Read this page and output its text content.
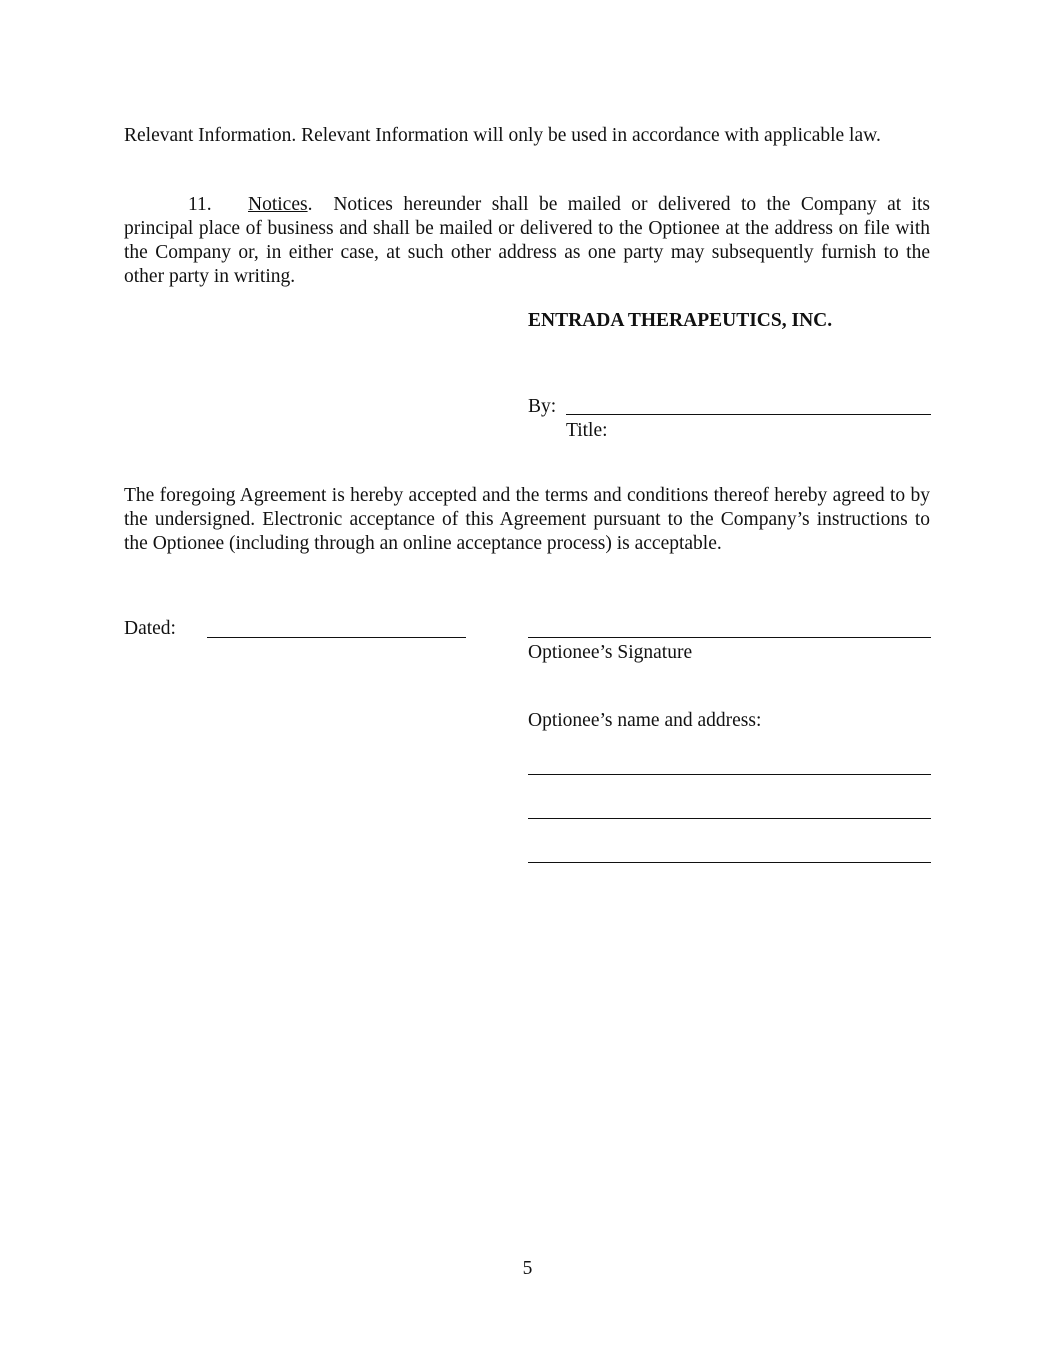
Relevant Information. Relevant Information will only be used in accordance with applicable law.

11. Notices. Notices hereunder shall be mailed or delivered to the Company at its principal place of business and shall be mailed or delivered to the Optionee at the address on file with the Company or, in either case, at such other address as one party may subsequently furnish to the other party in writing.

ENTRADA THERAPEUTICS, INC.
By:
Title:

The foregoing Agreement is hereby accepted and the terms and conditions thereof hereby agreed to by the undersigned. Electronic acceptance of this Agreement pursuant to the Company’s instructions to the Optionee (including through an online acceptance process) is acceptable.

Dated:
Optionee’s Signature
Optionee’s name and address:
5
